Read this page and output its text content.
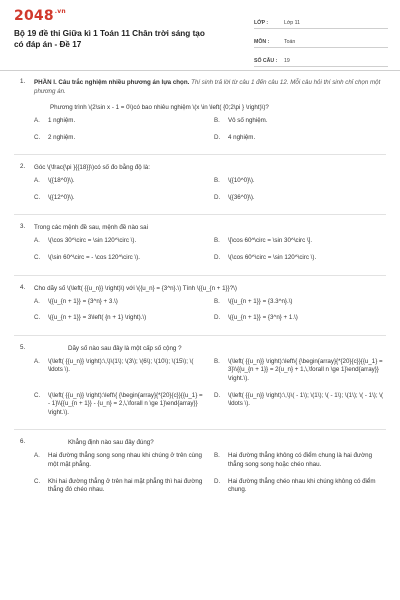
$2048^{.vn}$
Bộ 19 đề thi Giữa kì 1 Toán 11 Chân trời sáng tạo có đáp án - Đề 17
LỚP :	Lớp 11
MÔN :	Toán
SỐ CÂU :	19
1. PHẦN I. Câu trắc nghiệm nhiều phương án lựa chọn. Thí sinh trả lời từ câu 1 đến câu 12. Mỗi câu hỏi thí sinh chỉ chọn một phương án.
Phương trình \(2\sin x - 1 = 0\)có bao nhiêu nghiệm \(x \in \left( {0;2\pi } \right)\)?
A.	1 nghiệm.	B.	Vô số nghiệm.
C.	2 nghiệm.	D.	4 nghiệm.
2. Góc \(\frac{\pi }{{18}}\)có số đo bằng độ là:
A.	\({18^0}\).	B.	\({10^0}\).
C.	\({12^0}\).	D.	\({36^0}\).
3. Trong các mệnh đề sau, mệnh đề nào sai
A.	\(\cos 30^\circ = \sin 120^\circ \).	B.	\[\cos 60^\circ = \sin 30^\circ \].
C.	\(\sin 60^\circ = - \cos 120^\circ \).	D.	\(\cos 60^\circ = \sin 120^\circ \).
4. Cho dãy số \(\left( {{u_n}} \right)\) với \({u_n} = {3^n}.\) Tính \({u_{n + 1}}?\)
A.	\({u_{n + 1}} = {3^n} + 3.\)	B.	\({u_{n + 1}} = {3.3^n}.\)
C.	\({u_{n + 1}} = 3\left( {n + 1} \right).\)	D.	\({u_{n + 1}} = {3^n} + 1.\)
5.	Dãy số nào sau đây là một cấp số cộng ?
A.	\(\left( {{u_n}} \right):\,\)\(1\); \(3\); \(6\); \(10\); \(15\); \( \ldots \).
B.	\(\left( {{u_n}} \right):\left\{ {\begin{array}{*{20}{c}}{{u_1} = 3}\\{{u_{n + 1}} = 2{u_n} + 1,\,\forall n \ge 1}\end{array}} \right.\).
C.	\(\left( {{u_n}} \right):\left\{ {\begin{array}{*{20}{c}}{{u_1} = - 1}\\{{u_{n + 1}} - {u_n} = 2,\,\forall n \ge 1}\end{array}} \right.\).
D.	\(\left( {{u_n}} \right):\,\)\( - 1\); \(1\); \( - 1\); \(1\); \( - 1\); \( \ldots \).
6.	Khẳng định nào sau đây đúng?
A.	Hai đường thẳng song song nhau khi chúng ở trên cùng một mặt phẳng.
B.	Hai đường thẳng không có điểm chung là hai đường thẳng song song hoặc chéo nhau.
C.	Khi hai đường thẳng ở trên hai mặt phẳng thì hai đường thẳng đó chéo nhau.
D.	Hai đường thẳng chéo nhau khi chúng không có điểm chung.
